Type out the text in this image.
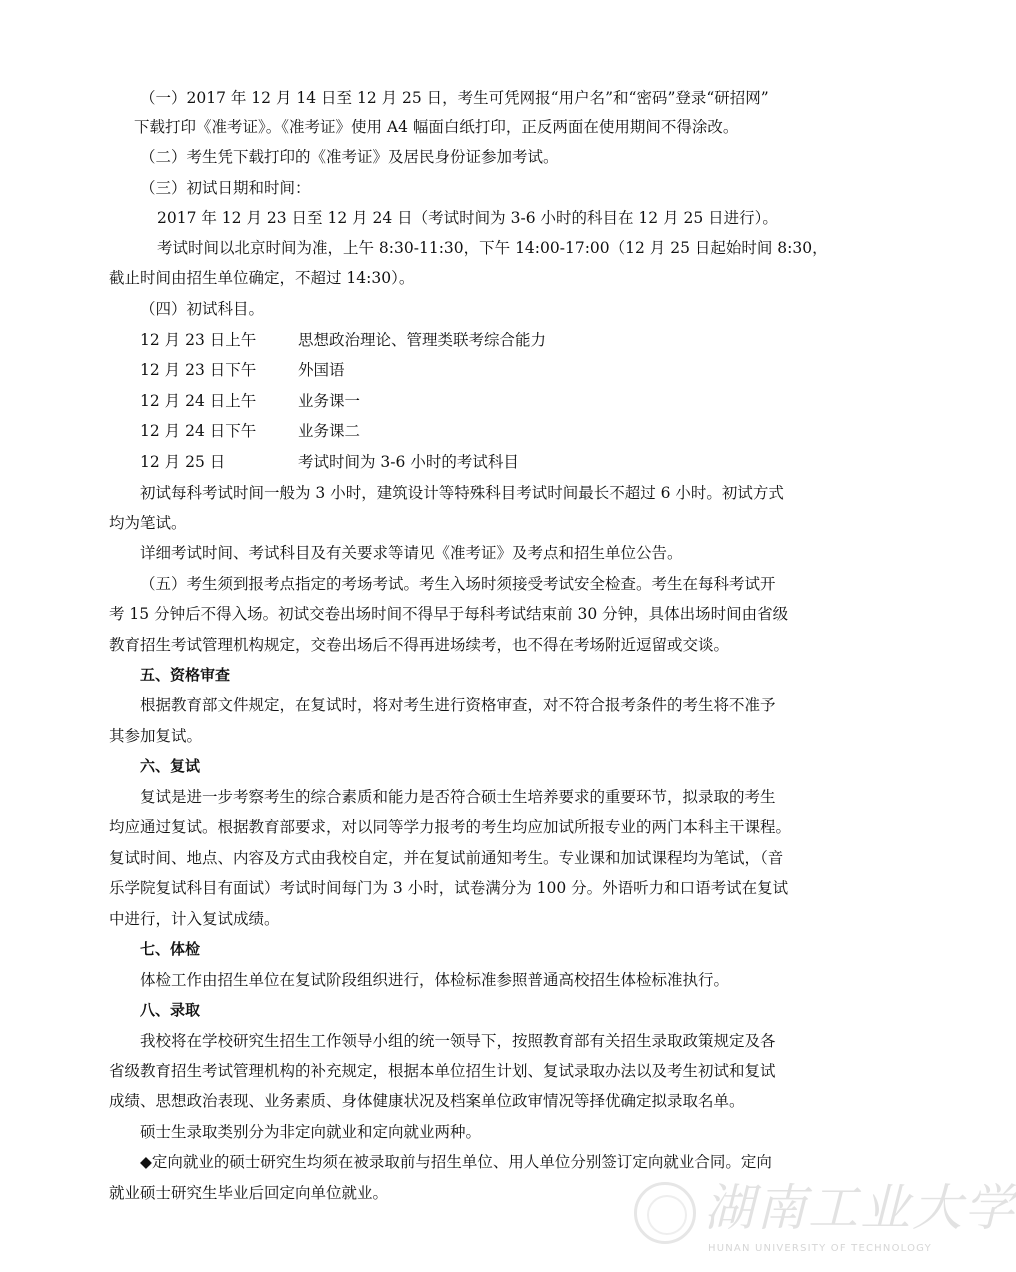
（一）2017 年 12 月 14 日至 12 月 25 日，考生可凭网报“用户名”和“密码”登录“研招网”
下载打印《准考证》。《准考证》使用 A4 幅面白纸打印，正反两面在使用期间不得涂改。
（二）考生凭下载打印的《准考证》及居民身份证参加考试。
（三）初试日期和时间：
2017 年 12 月 23 日至 12 月 24 日（考试时间为 3-6 小时的科目在 12 月 25 日进行）。
考试时间以北京时间为准，上午 8:30-11:30，下午 14:00-17:00（12 月 25 日起始时间 8:30，
截止时间由招生单位确定，不超过 14:30）。
（四）初试科目。
12 月 23 日上午	思想政治理论、管理类联考综合能力
12 月 23 日下午	外国语
12 月 24 日上午	业务课一
12 月 24 日下午	业务课二
12 月 25 日	考试时间为 3-6 小时的考试科目
初试每科考试时间一般为 3 小时，建筑设计等特殊科目考试时间最长不超过 6 小时。初试方式
均为笔试。
详细考试时间、考试科目及有关要求等请见《准考证》及考点和招生单位公告。
（五）考生须到报考点指定的考场考试。考生入场时须接受考试安全检查。考生在每科考试开
考 15 分钟后不得入场。初试交卷出场时间不得早于每科考试结束前 30 分钟，具体出场时间由省级
教育招生考试管理机构规定，交卷出场后不得再进场续考，也不得在考场附近逗留或交谈。
五、资格审查
根据教育部文件规定，在复试时，将对考生进行资格审查，对不符合报考条件的考生将不准予
其参加复试。
六、复试
复试是进一步考察考生的综合素质和能力是否符合硕士生培养要求的重要环节，拟录取的考生
均应通过复试。根据教育部要求，对以同等学力报考的考生均应加试所报专业的两门本科主干课程。
复试时间、地点、内容及方式由我校自定，并在复试前通知考生。专业课和加试课程均为笔试，（音
乐学院复试科目有面试）考试时间每门为 3 小时，试卷满分为 100 分。外语听力和口语考试在复试
中进行，计入复试成绩。
七、体检
体检工作由招生单位在复试阶段组织进行，体检标准参照普通高校招生体检标准执行。
八、录取
我校将在学校研究生招生工作领导小组的统一领导下，按照教育部有关招生录取政策规定及各
省级教育招生考试管理机构的补充规定，根据本单位招生计划、复试录取办法以及考生初试和复试
成绩、思想政治表现、业务素质、身体健康状况及档案单位政审情况等择优确定拟录取名单。
硕士生录取类别分为非定向就业和定向就业两种。
◆定向就业的硕士研究生均须在被录取前与招生单位、用人单位分别签订定向就业合同。定向
就业硕士研究生毕业后回定向单位就业。	湖南工业大学
HUNAN UNIVERSITY OF TECHNOLOGY
